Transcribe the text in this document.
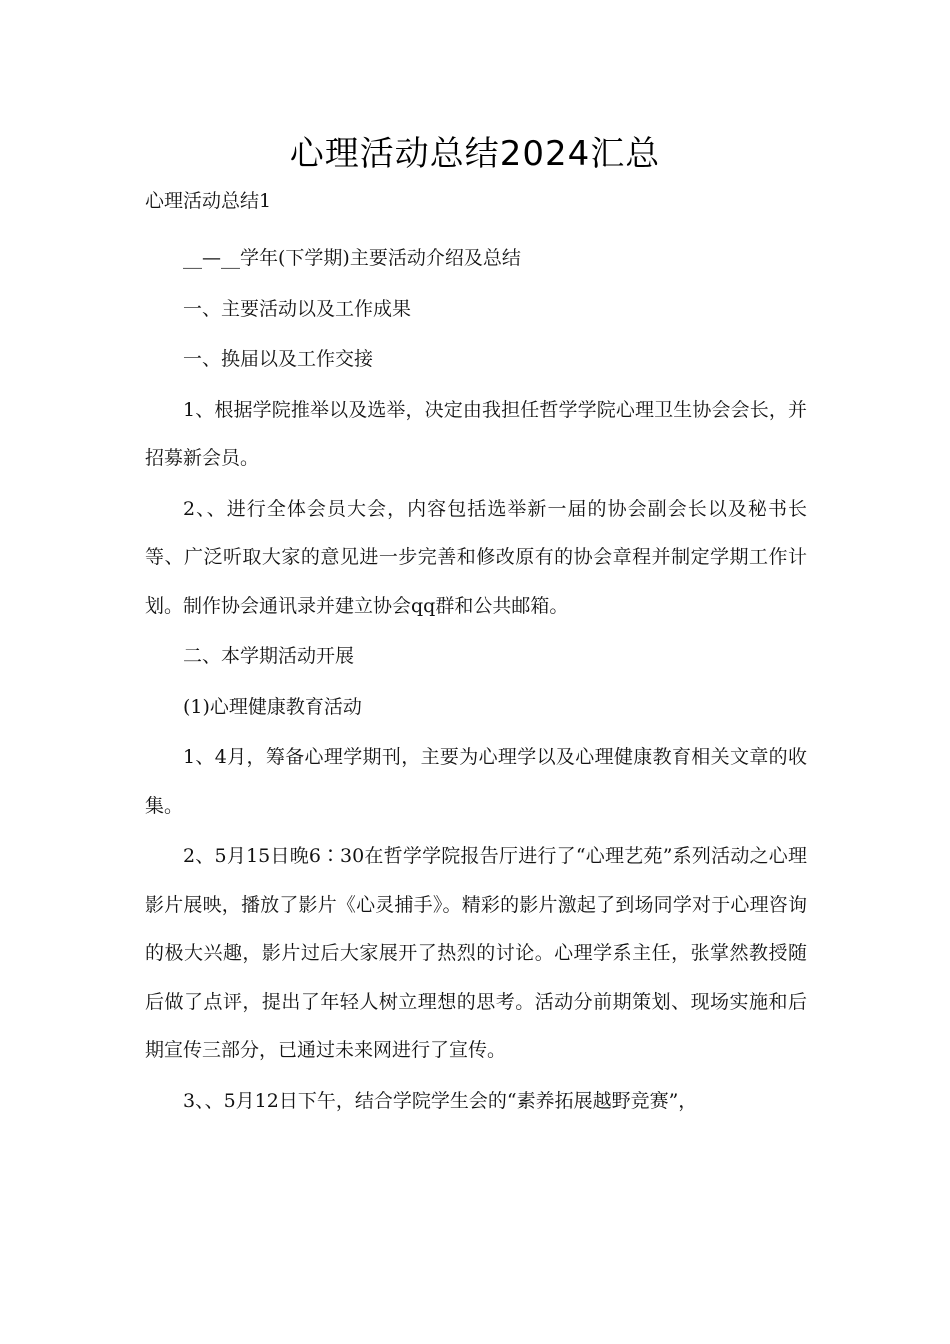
心理活动总结2024汇总
心理活动总结1

__—__学年(下学期)主要活动介绍及总结

一、主要活动以及工作成果

一、换届以及工作交接

1、根据学院推举以及选举，决定由我担任哲学学院心理卫生协会会长，并招募新会员。

2、、进行全体会员大会，内容包括选举新一届的协会副会长以及秘书长等、广泛听取大家的意见进一步完善和修改原有的协会章程并制定学期工作计划。制作协会通讯录并建立协会qq群和公共邮箱。

二、本学期活动开展

(1)心理健康教育活动

1、4月，筹备心理学期刊，主要为心理学以及心理健康教育相关文章的收集。

2、5月15日晚6∶30在哲学学院报告厅进行了“心理艺苑”系列活动之心理影片展映，播放了影片《心灵捕手》。精彩的影片激起了到场同学对于心理咨询的极大兴趣，影片过后大家展开了热烈的讨论。心理学系主任，张掌然教授随后做了点评，提出了年轻人树立理想的思考。活动分前期策划、现场实施和后期宣传三部分，已通过未来网进行了宣传。

3、、5月12日下午，结合学院学生会的“素养拓展越野竞赛”，
